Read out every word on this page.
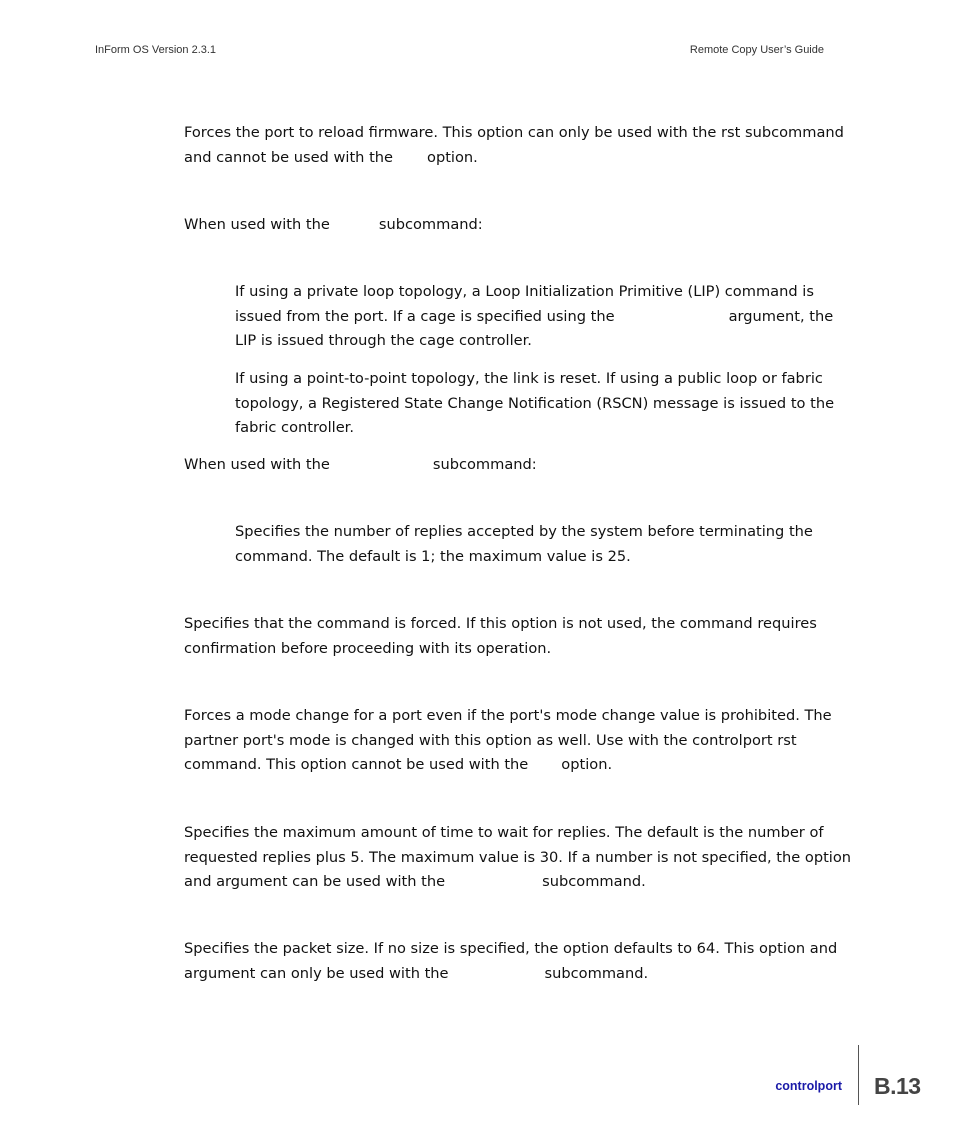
InForm OS Version 2.3.1	Remote Copy User’s Guide
Forces the port to reload firmware. This option can only be used with the rst subcommand
and cannot be used with the option.
When used with the	subcommand:
If using a private loop topology, a Loop Initialization Primitive (LIP) command is
issued from the port. If a cage is specified using the	argument, the
LIP is issued through the cage controller.
If using a point-to-point topology, the link is reset. If using a public loop or fabric
topology, a Registered State Change Notification (RSCN) message is issued to the
fabric controller.
When used with the	subcommand:
Specifies the number of replies accepted by the system before terminating the
command. The default is 1; the maximum value is 25.
Specifies that the command is forced. If this option is not used, the command requires
confirmation before proceeding with its operation.
Forces a mode change for a port even if the port's mode change value is prohibited. The
partner port's mode is changed with this option as well. Use with the controlport rst
command. This option cannot be used with the option.
Specifies the maximum amount of time to wait for replies. The default is the number of
requested replies plus 5. The maximum value is 30. If a number is not specified, the option
and argument can be used with the	subcommand.
Specifies the packet size. If no size is specified, the option defaults to 64. This option and
argument can only be used with the	subcommand.
controlport B.13
